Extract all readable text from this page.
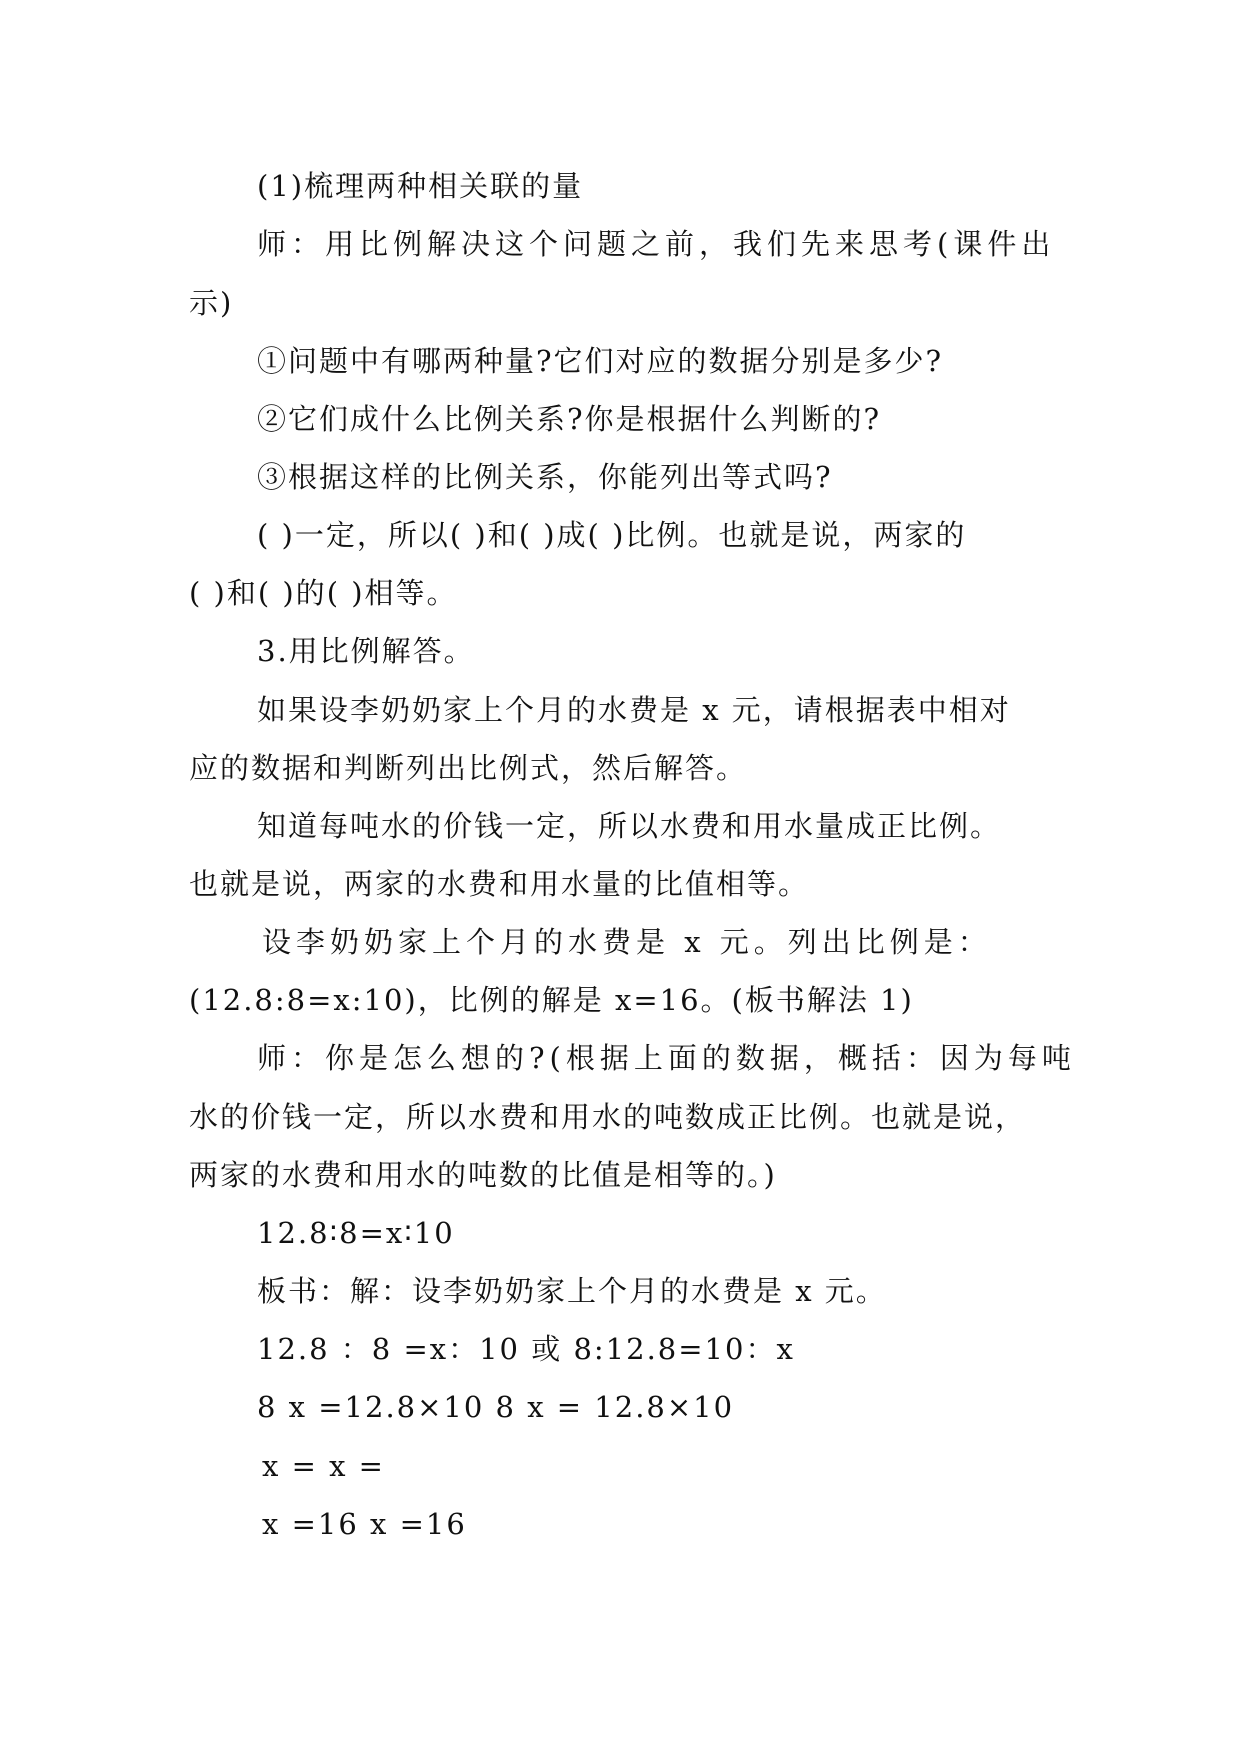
(1)梳理两种相关联的量
师：用比例解决这个问题之前，我们先来思考(课件出
示)
①问题中有哪两种量?它们对应的数据分别是多少?
②它们成什么比例关系?你是根据什么判断的?
③根据这样的比例关系，你能列出等式吗?
( )一定，所以( )和( )成( )比例。也就是说，两家的
( )和( )的( )相等。
3.用比例解答。
如果设李奶奶家上个月的水费是 x 元，请根据表中相对
应的数据和判断列出比例式，然后解答。
知道每吨水的价钱一定，所以水费和用水量成正比例。
也就是说，两家的水费和用水量的比值相等。
设李奶奶家上个月的水费是 x 元。列出比例是：
(12.8:8=x:10)，比例的解是 x=16。(板书解法 1)
师：你是怎么想的?(根据上面的数据，概括：因为每吨
水的价钱一定，所以水费和用水的吨数成正比例。也就是说，
两家的水费和用水的吨数的比值是相等的。)
12.8∶8=x∶10
板书：解：设李奶奶家上个月的水费是 x 元。
12.8 ：8 =x：10 或 8:12.8=10：x
8 x =12.8×10 8 x = 12.8×10
x = x =
x =16 x =16
